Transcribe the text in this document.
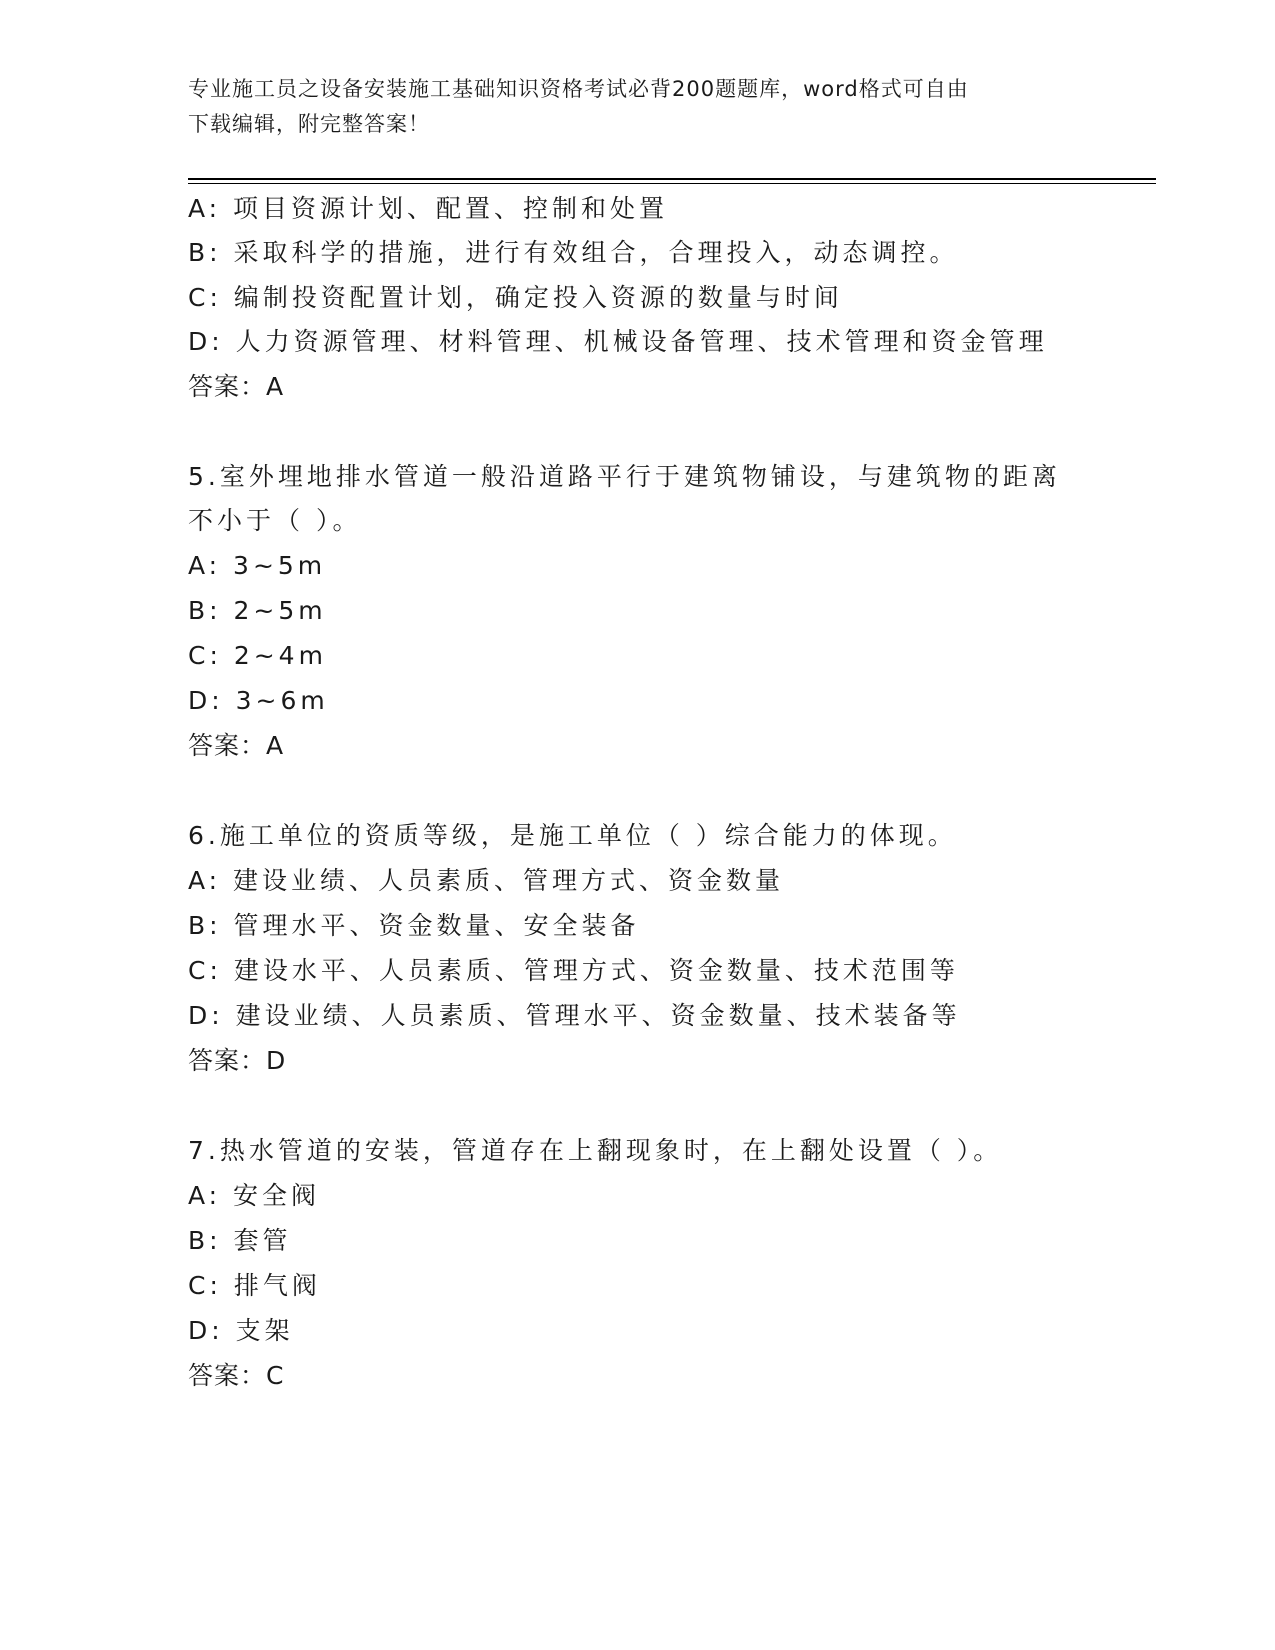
专业施工员之设备安装施工基础知识资格考试必背200题题库，word格式可自由
下载编辑，附完整答案！
A: 项目资源计划、配置、控制和处置
B: 采取科学的措施，进行有效组合，合理投入，动态调控。
C: 编制投资配置计划，确定投入资源的数量与时间
D: 人力资源管理、材料管理、机械设备管理、技术管理和资金管理
答案：A
5.室外埋地排水管道一般沿道路平行于建筑物铺设，与建筑物的距离
不小于（ ）。
A: 3~5m
B: 2~5m
C: 2~4m
D: 3~6m
答案：A
6.施工单位的资质等级，是施工单位（ ）综合能力的体现。
A: 建设业绩、人员素质、管理方式、资金数量
B: 管理水平、资金数量、安全装备
C: 建设水平、人员素质、管理方式、资金数量、技术范围等
D: 建设业绩、人员素质、管理水平、资金数量、技术装备等
答案：D
7.热水管道的安装，管道存在上翻现象时，在上翻处设置（ ）。
A: 安全阀
B: 套管
C: 排气阀
D: 支架
答案：C
